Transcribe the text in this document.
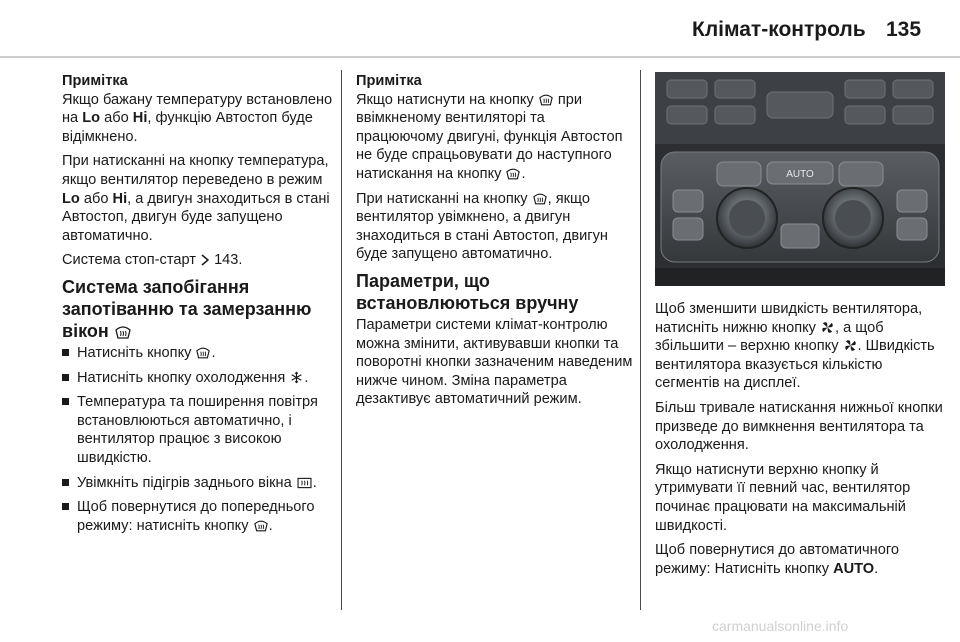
Клімат-контроль 135

Примітка

Якщо бажану температуру встановлено на Lo або Hi, функцію Автостоп буде відімкнено.

При натисканні на кнопку температура, якщо вентилятор переведено в режим Lo або Hi, а двигун знаходиться в стані Автостоп, двигун буде запущено автоматично.

Система стоп-старт 143.

Система запобігання запотіванню та замерзанню вікон
Натисніть кнопку
.
Натисніть кнопку охолодження
.
Температура та поширення повітря встановлюються автоматично, і вентилятор працює з високою швидкістю.
Увімкніть підігрів заднього вікна
.
Щоб повернутися до попереднього режиму: натисніть кнопку
.

Примітка

Якщо натиснути на кнопку
при ввімкненому вентиляторі та працюючому двигуні, функція Автостоп не буде спрацьовувати до наступного натискання на кнопку
.

При натисканні на кнопку
, якщо вентилятор увімкнено, а двигун знаходиться в стані Автостоп, двигун буде запущено автоматично.

Параметри, що встановлюються вручну

Параметри системи клімат-контролю можна змінити, активувавши кнопки та поворотні кнопки зазначеним наведеним нижче чином. Зміна параметра дезактивує автоматичний режим.

AUTO

Щоб зменшити швидкість вентилятора, натисніть нижню кнопку
, а щоб збільшити – верхню кнопку
. Швидкість вентилятора вказується кількістю сегментів на дисплеї.

Більш тривале натискання нижньої кнопки призведе до вимкнення вентилятора та охолодження.

Якщо натиснути верхню кнопку й утримувати її певний час, вентилятор починає працювати на максимальній швидкості.

Щоб повернутися до автоматичного режиму: Натисніть кнопку AUTO.

carmanualsonline.info
